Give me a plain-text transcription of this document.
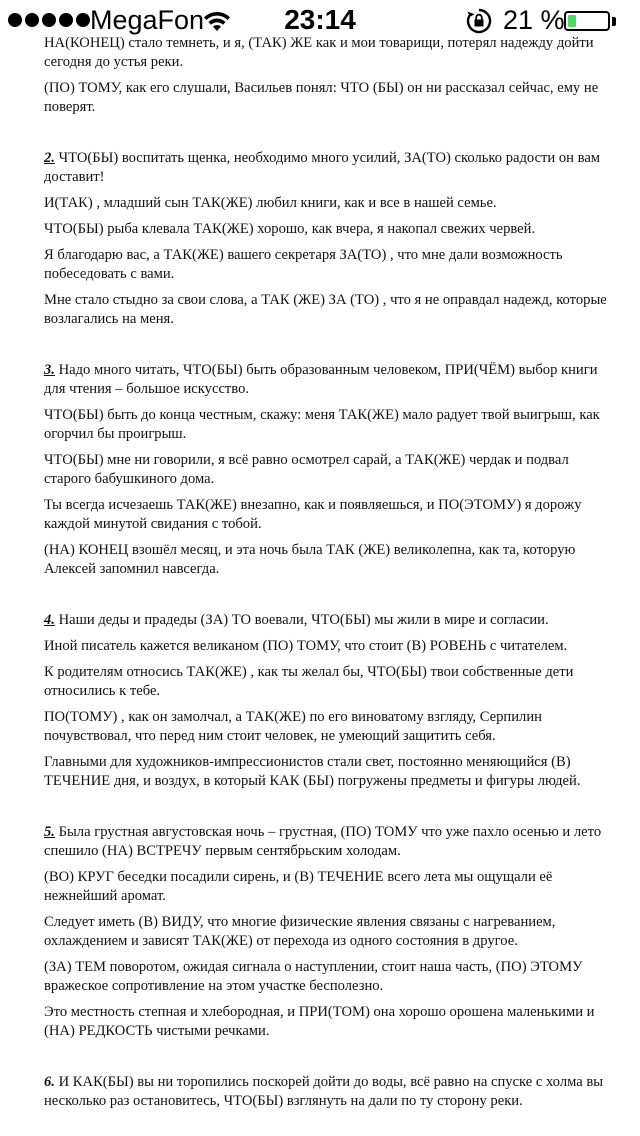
MegaFon	23:14	21 %

НА(КОНЕЦ) стало темнеть, и я, (ТАК) ЖЕ как и мои товарищи, потерял надежду дойти сегодня до устья реки.

(ПО) ТОМУ, как его слушали, Васильев понял: ЧТО (БЫ) он ни рассказал сейчас, ему не поверят.

2. ЧТО(БЫ) воспитать щенка, необходимо много усилий, ЗА(ТО) сколько радости он вам доставит!

И(ТАК) , младший сын ТАК(ЖЕ) любил книги, как и все в нашей семье.

ЧТО(БЫ) рыба клевала ТАК(ЖЕ) хорошо, как вчера, я накопал свежих червей.

Я благодарю вас, а ТАК(ЖЕ) вашего секретаря ЗА(ТО) , что мне дали возможность побеседовать с вами.

Мне стало стыдно за свои слова, а ТАК (ЖЕ) ЗА (ТО) , что я не оправдал надежд, которые возлагались на меня.

3. Надо много читать, ЧТО(БЫ) быть образованным человеком, ПРИ(ЧЁМ) выбор книги для чтения – большое искусство.

ЧТО(БЫ) быть до конца честным, скажу: меня ТАК(ЖЕ) мало радует твой выигрыш, как огорчил бы проигрыш.

ЧТО(БЫ) мне ни говорили, я всё равно осмотрел сарай, а ТАК(ЖЕ) чердак и подвал старого бабушкиного дома.

Ты всегда исчезаешь ТАК(ЖЕ) внезапно, как и появляешься, и ПО(ЭТОМУ) я дорожу каждой минутой свидания с тобой.

(НА) КОНЕЦ взошёл месяц, и эта ночь была ТАК (ЖЕ) великолепна, как та, которую Алексей запомнил навсегда.

4. Наши деды и прадеды (ЗА) ТО воевали, ЧТО(БЫ) мы жили в мире и согласии.

Иной писатель кажется великаном (ПО) ТОМУ, что стоит (В) РОВЕНЬ с читателем.

К родителям относись ТАК(ЖЕ) , как ты желал бы, ЧТО(БЫ) твои собственные дети относились к тебе.

ПО(ТОМУ) , как он замолчал, а ТАК(ЖЕ) по его виноватому взгляду, Серпилин почувствовал, что перед ним стоит человек, не умеющий защитить себя.

Главными для художников-импрессионистов стали свет, постоянно меняющийся (В) ТЕЧЕНИЕ дня, и воздух, в который КАК (БЫ) погружены предметы и фигуры людей.

5. Была грустная августовская ночь – грустная, (ПО) ТОМУ что уже пахло осенью и лето спешило (НА) ВСТРЕЧУ первым сентябрьским холодам.

(ВО) КРУГ беседки посадили сирень, и (В) ТЕЧЕНИЕ всего лета мы ощущали её нежнейший аромат.

Следует иметь (В) ВИДУ, что многие физические явления связаны с нагреванием, охлаждением и зависят ТАК(ЖЕ) от перехода из одного состояния в другое.

(ЗА) ТЕМ поворотом, ожидая сигнала о наступлении, стоит наша часть, (ПО) ЭТОМУ вражеское сопротивление на этом участке бесполезно.

Это местность степная и хлебородная, и ПРИ(ТОМ) она хорошо орошена маленькими и (НА) РЕДКОСТЬ чистыми речками.

6. И КАК(БЫ) вы ни торопились поскорей дойти до воды, всё равно на спуске с холма вы несколько раз остановитесь, ЧТО(БЫ) взглянуть на дали по ту сторону реки.
